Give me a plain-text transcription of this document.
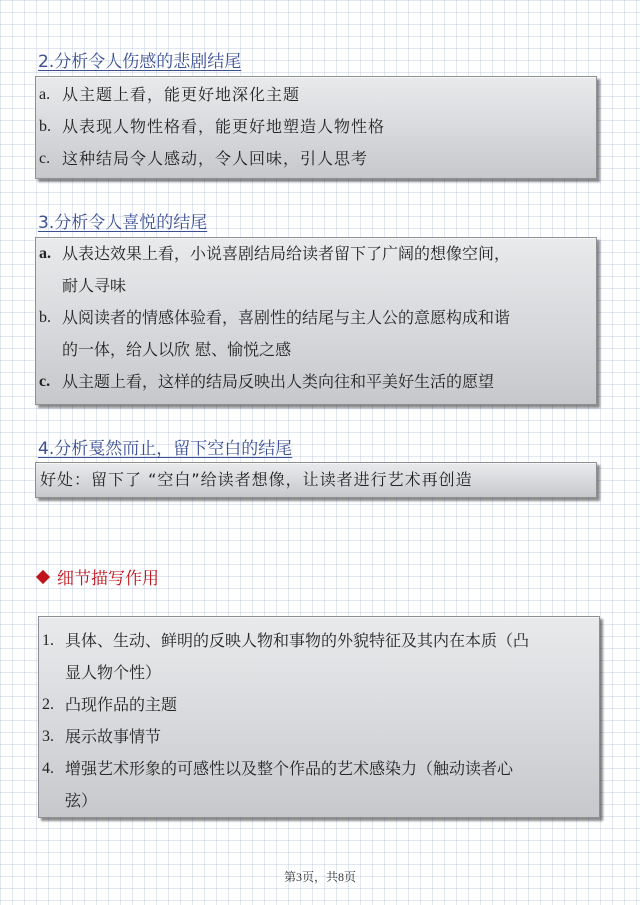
2.分析令人伤感的悲剧结尾
a. 从主题上看，能更好地深化主题
b. 从表现人物性格看，能更好地塑造人物性格
c. 这种结局令人感动，令人回味，引人思考
3.分析令人喜悦的结尾
a. 从表达效果上看，小说喜剧结局给读者留下了广阔的想像空间，
耐人寻味
b. 从阅读者的情感体验看，喜剧性的结尾与主人公的意愿构成和谐
的一体，给人以欣 慰、愉悦之感
c. 从主题上看，这样的结局反映出人类向往和平美好生活的愿望
4.分析戛然而止，留下空白的结尾
好处：留下了 “空白”给读者想像，让读者进行艺术再创造
细节描写作用
1. 具体、生动、鲜明的反映人物和事物的外貌特征及其内在本质（凸
显人物个性）
2. 凸现作品的主题
3. 展示故事情节
4. 增强艺术形象的可感性以及整个作品的艺术感染力（触动读者心
弦）
第3页，共8页
